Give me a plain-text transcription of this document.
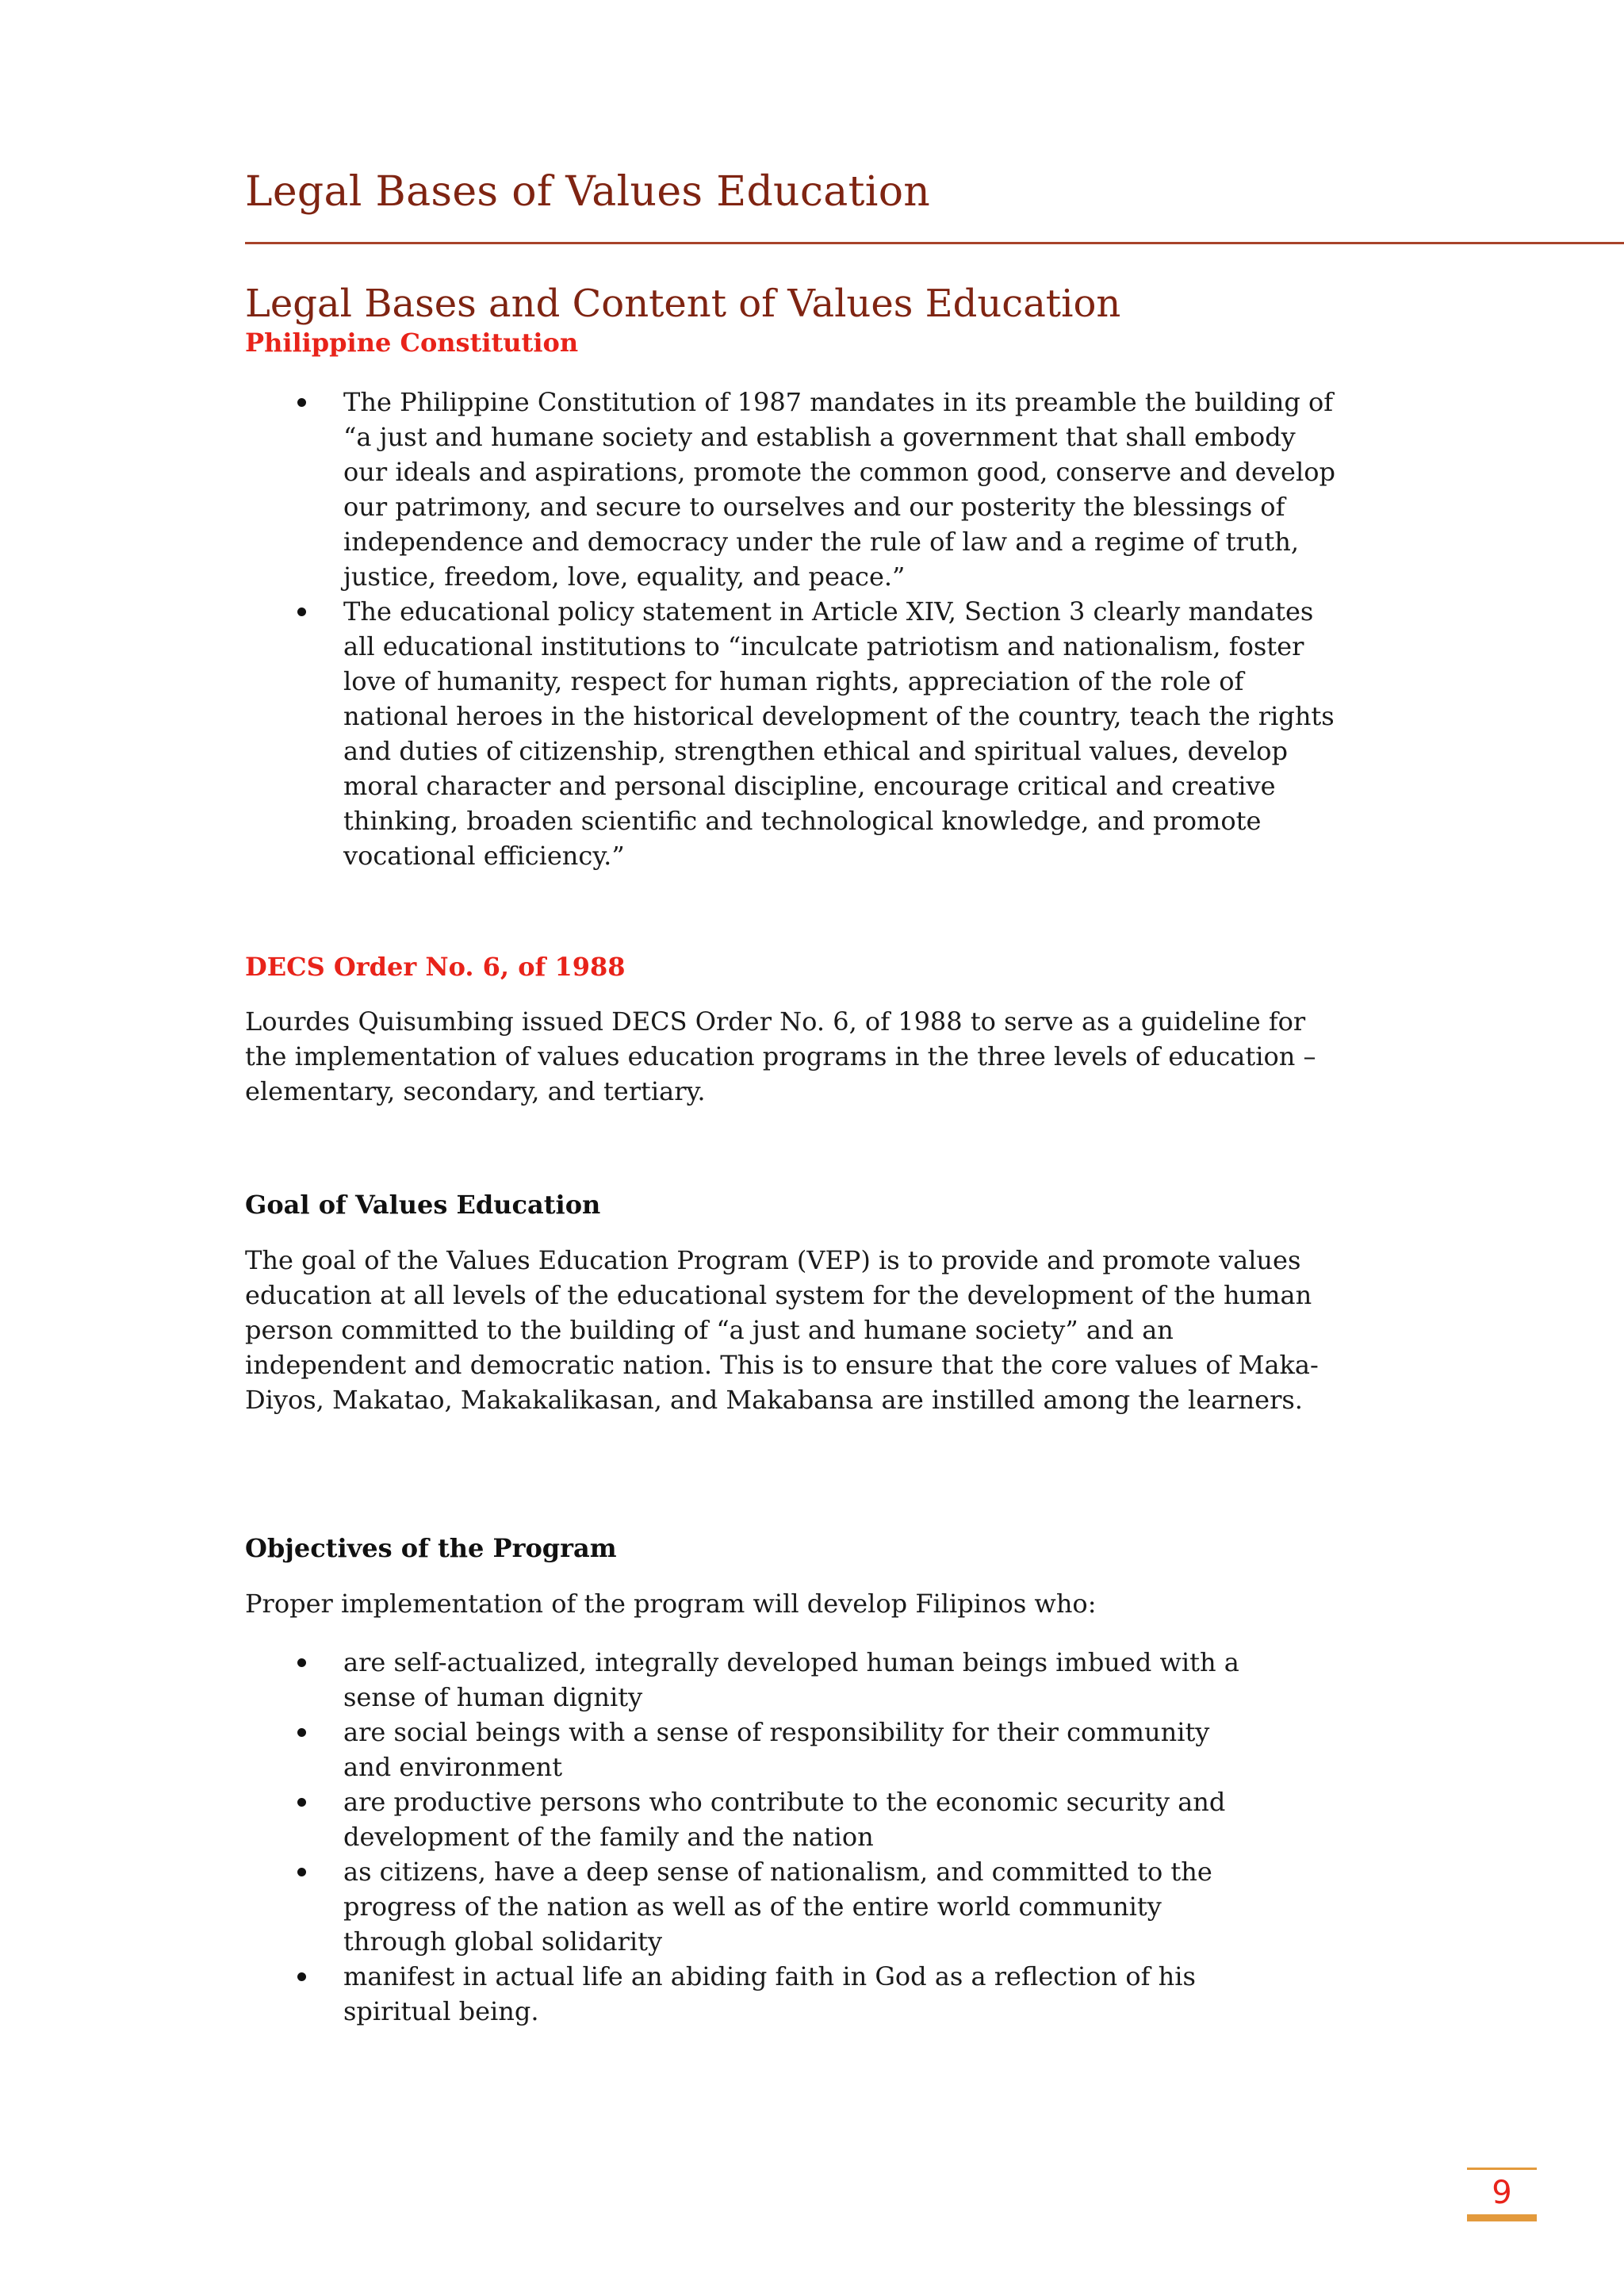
Legal Bases of Values Education
Legal Bases and Content of Values Education
Philippine Constitution
The Philippine Constitution of 1987 mandates in its preamble the building of
“a just and humane society and establish a government that shall embody
our ideals and aspirations, promote the common good, conserve and develop
our patrimony, and secure to ourselves and our posterity the blessings of
independence and democracy under the rule of law and a regime of truth,
justice, freedom, love, equality, and peace.”
The educational policy statement in Article XIV, Section 3 clearly mandates
all educational institutions to “inculcate patriotism and nationalism, foster
love of humanity, respect for human rights, appreciation of the role of
national heroes in the historical development of the country, teach the rights
and duties of citizenship, strengthen ethical and spiritual values, develop
moral character and personal discipline, encourage critical and creative
thinking, broaden scientific and technological knowledge, and promote
vocational efficiency.”
DECS Order No. 6, of 1988

Lourdes Quisumbing issued DECS Order No. 6, of 1988 to serve as a guideline for
the implementation of values education programs in the three levels of education –
elementary, secondary, and tertiary.

Goal of Values Education

The goal of the Values Education Program (VEP) is to provide and promote values
education at all levels of the educational system for the development of the human
person committed to the building of “a just and humane society” and an
independent and democratic nation. This is to ensure that the core values of Maka-
Diyos, Makatao, Makakalikasan, and Makabansa are instilled among the learners.

Objectives of the Program

Proper implementation of the program will develop Filipinos who:

are self-actualized, integrally developed human beings imbued with a
sense of human dignity
are social beings with a sense of responsibility for their community
and environment
are productive persons who contribute to the economic security and
development of the family and the nation
as citizens, have a deep sense of nationalism, and committed to the
progress of the nation as well as of the entire world community
through global solidarity
manifest in actual life an abiding faith in God as a reflection of his
spiritual being.
9
